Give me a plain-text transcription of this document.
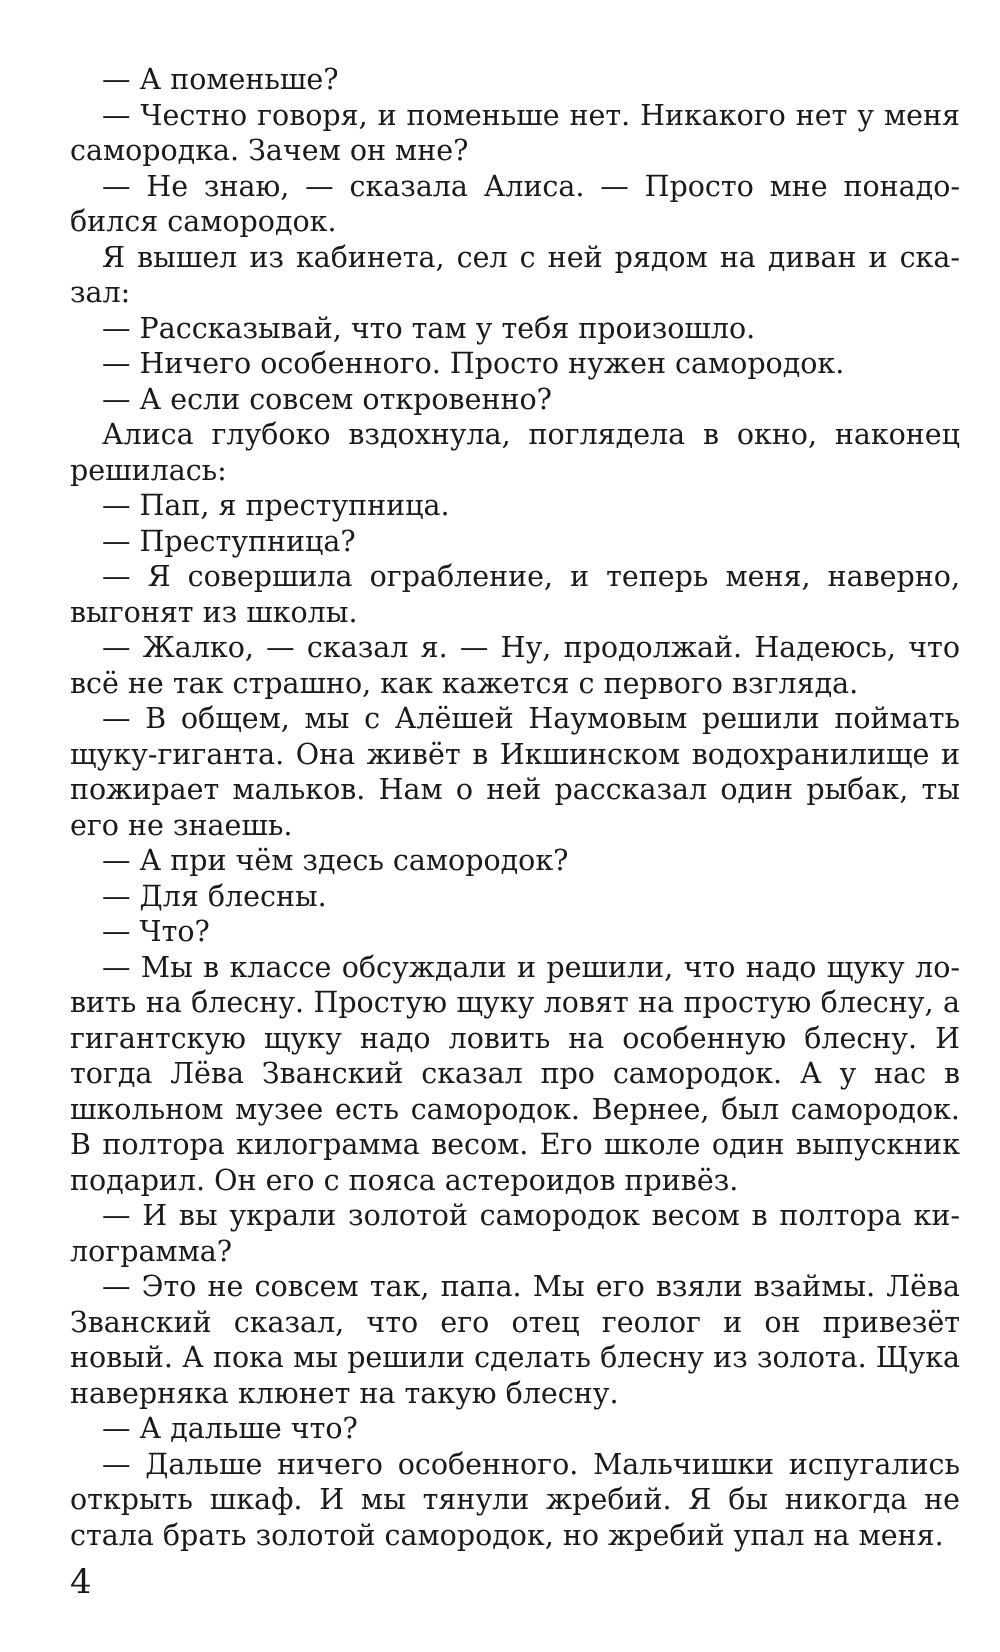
— А поменьше?

— Честно говоря, и поменьше нет. Никакого нет у меня самородка. Зачем он мне?

— Не знаю, — сказала Алиса. — Просто мне понадобился самородок.

Я вышел из кабинета, сел с ней рядом на диван и сказал:

— Рассказывай, что там у тебя произошло.

— Ничего особенного. Просто нужен самородок.

— А если совсем откровенно?

Алиса глубоко вздохнула, поглядела в окно, наконец решилась:

— Пап, я преступница.

— Преступница?

— Я совершила ограбление, и теперь меня, наверно, выгонят из школы.

— Жалко, — сказал я. — Ну, продолжай. Надеюсь, что всё не так страшно, как кажется с первого взгляда.

— В общем, мы с Алёшей Наумовым решили поймать щуку-гиганта. Она живёт в Икшинском водохранилище и пожирает мальков. Нам о ней рассказал один рыбак, ты его не знаешь.

— А при чём здесь самородок?

— Для блесны.

— Что?

— Мы в классе обсуждали и решили, что надо щуку ловить на блесну. Простую щуку ловят на простую блесну, а гигантскую щуку надо ловить на особенную блесну. И тогда Лёва Званский сказал про самородок. А у нас в школьном музее есть самородок. Вернее, был самородок. В полтора килограмма весом. Его школе один выпускник подарил. Он его с пояса астероидов привёз.

— И вы украли золотой самородок весом в полтора килограмма?

— Это не совсем так, папа. Мы его взяли взаймы. Лёва Званский сказал, что его отец геолог и он привезёт новый. А пока мы решили сделать блесну из золота. Щука наверняка клюнет на такую блесну.

— А дальше что?

— Дальше ничего особенного. Мальчишки испугались открыть шкаф. И мы тянули жребий. Я бы никогда не стала брать золотой самородок, но жребий упал на меня.

4
